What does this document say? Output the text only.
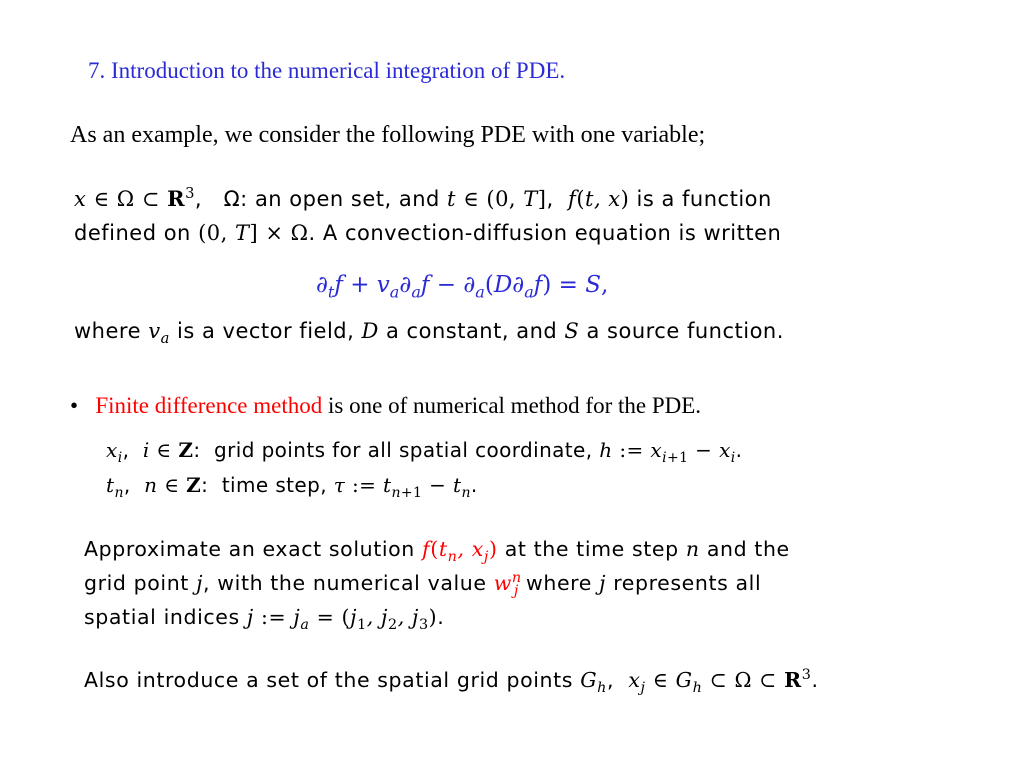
7. Introduction to the numerical integration of PDE.
As an example, we consider the following PDE with one variable;
x ∈ Ω ⊂ $R^3$,   Ω: an open set, and t ∈ (0, T],  f(t, x) is a function
defined on (0, T] × Ω. A convection-diffusion equation is written
$\partial_tf + v_a\partial_af - \partial_a(D\partial_af) = S$,
where $v_a$ is a vector field, D a constant, and S a source function.
• Finite difference method is one of numerical method for the PDE.
$x_i$,  i ∈ Z:  grid points for all spatial coordinate, h := $x_{i+1} - x_i$.
$t_n$,  n ∈ Z:  time step, τ := $t_{n+1} - t_n$.
Approximate an exact solution $f(t_n$, $x_j$) at the time step n and the
grid point j, with the numerical value $w^n_j$ where j represents all
spatial indices j := $j_a = (j_1$, $j_2$, $j_3$).
Also introduce a set of the spatial grid points $G_h$,  $x_j$ ∈ $G_h$ ⊂ Ω ⊂ $R^3$.
